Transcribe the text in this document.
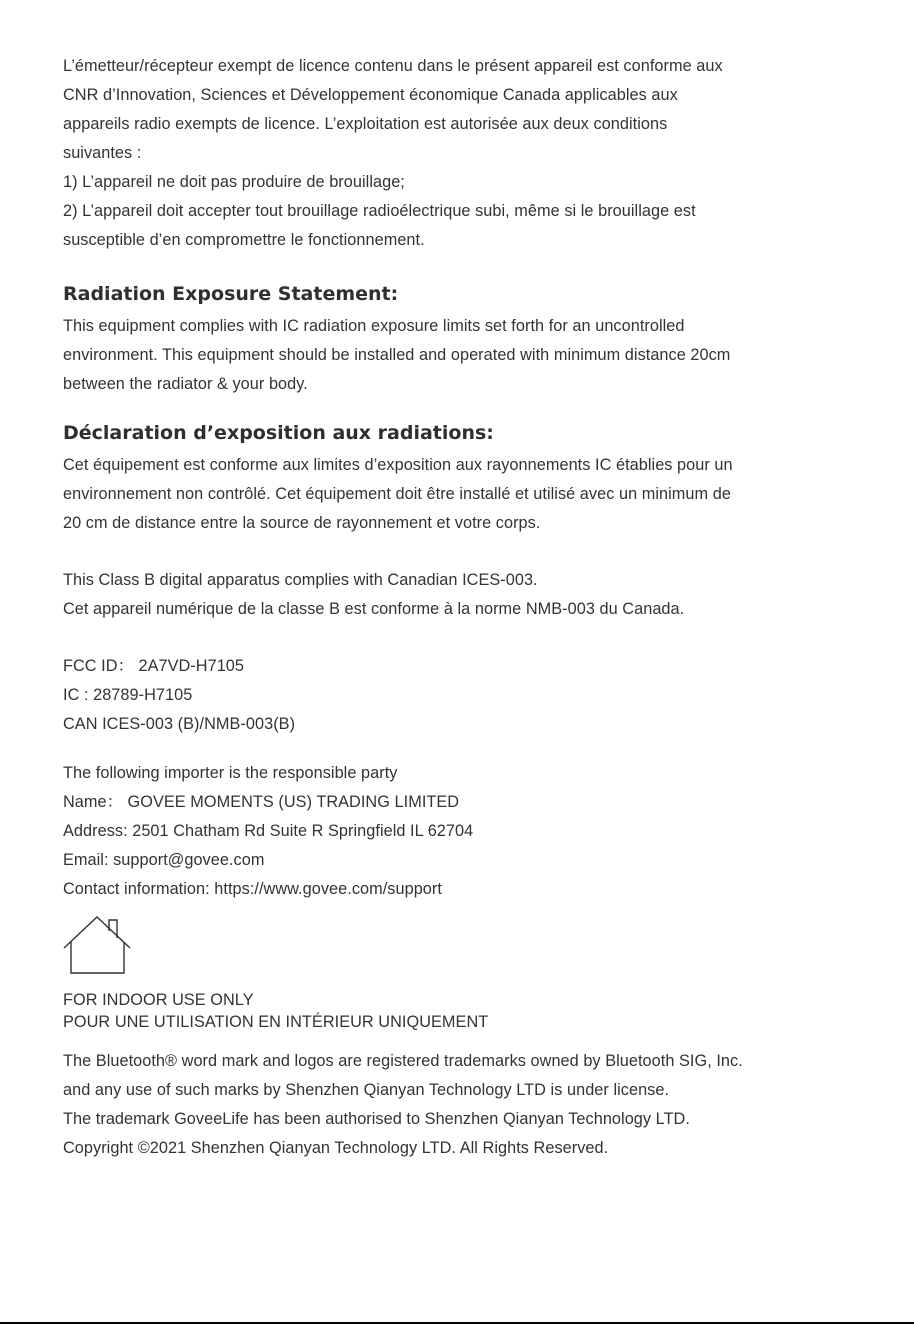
L’émetteur/récepteur exempt de licence contenu dans le présent appareil est conforme aux
CNR d’Innovation, Sciences et Développement économique Canada applicables aux
appareils radio exempts de licence. L’exploitation est autorisée aux deux conditions
suivantes :
1) L’appareil ne doit pas produire de brouillage;
2) L’appareil doit accepter tout brouillage radioélectrique subi, même si le brouillage est
susceptible d’en compromettre le fonctionnement.
Radiation Exposure Statement:
This equipment complies with IC radiation exposure limits set forth for an uncontrolled
environment. This equipment should be installed and operated with minimum distance 20cm
between the radiator & your body.
Déclaration d’exposition aux radiations:
Cet équipement est conforme aux limites d’exposition aux rayonnements IC établies pour un
environnement non contrôlé. Cet équipement doit être installé et utilisé avec un minimum de
20 cm de distance entre la source de rayonnement et votre corps.
This Class B digital apparatus complies with Canadian ICES-003.
Cet appareil numérique de la classe B est conforme à la norme NMB-003 du Canada.
FCC ID： 2A7VD-H7105
IC : 28789-H7105
CAN ICES-003 (B)/NMB-003(B)
The following importer is the responsible party
Name： GOVEE MOMENTS (US) TRADING LIMITED
Address: 2501 Chatham Rd Suite R Springfield IL 62704
Email: support@govee.com
Contact information: https://www.govee.com/support
FOR INDOOR USE ONLY
POUR UNE UTILISATION EN INTÉRIEUR UNIQUEMENT
The Bluetooth® word mark and logos are registered trademarks owned by Bluetooth SIG, Inc.
and any use of such marks by Shenzhen Qianyan Technology LTD is under license.
The trademark GoveeLife has been authorised to Shenzhen Qianyan Technology LTD.
Copyright ©2021 Shenzhen Qianyan Technology LTD. All Rights Reserved.
